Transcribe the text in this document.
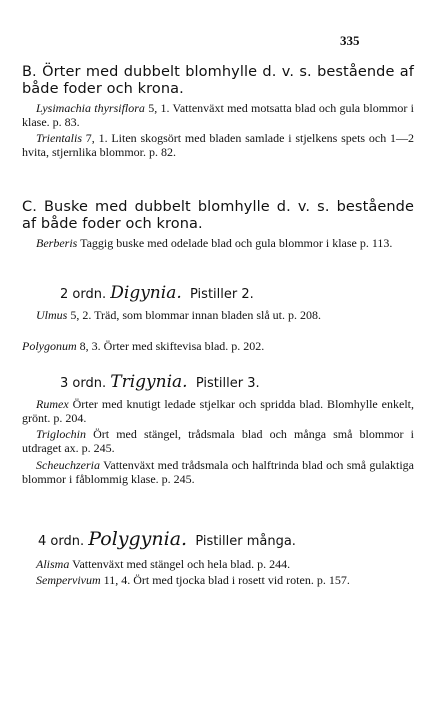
335
B. Örter med dubbelt blomhylle d. v. s. bestående af både foder och krona.
Lysimachia thyrsiflora 5, 1. Vattenväxt med motsatta blad och gula blommor i klase. p. 83.
Trientalis 7, 1. Liten skogsört med bladen samlade i stjelkens spets och 1—2 hvita, stjernlika blommor. p. 82.
C. Buske med dubbelt blomhylle d. v. s. bestående af både foder och krona.
Berberis Taggig buske med odelade blad och gula blommor i klase p. 113.
2 ordn. Digynia. Pistiller 2.
Ulmus 5, 2. Träd, som blommar innan bladen slå ut. p. 208.
Polygonum 8, 3. Örter med skiftevisa blad. p. 202.
3 ordn. Trigynia. Pistiller 3.
Rumex Örter med knutigt ledade stjelkar och spridda blad. Blomhylle enkelt, grönt. p. 204.
Triglochin Ört med stängel, trådsmala blad och många små blommor i utdraget ax. p. 245.
Scheuchzeria Vattenväxt med trådsmala och halftrinda blad och små gulaktiga blommor i fåblommig klase. p. 245.
4 ordn. Polygynia. Pistiller många.
Alisma Vattenväxt med stängel och hela blad. p. 244.
Sempervivum 11, 4. Ört med tjocka blad i rosett vid roten. p. 157.
